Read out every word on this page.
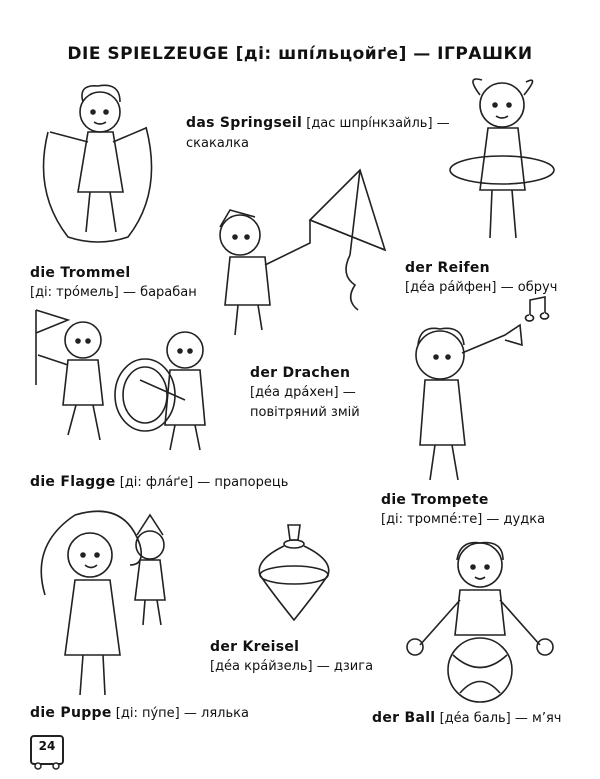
DIE SPIELZEUGE [ді: шпíльцойґе] — ІГРАШКИ
das Springseil [дас шпрíнкзайль] —
скакалка
die Trommel
[ді: трóмель] — барабан
der Reifen
[дéа рáйфен] — обруч
der Drachen
[дéа дрáхен] —
повітряний змій
die Flagge [ді: флáґе] — прапорець
die Trompete
[ді: тромпé:те] — дудка
der Kreisel
[дéа крáйзель] — дзига
die Puppe [ді: пýпе] — лялька	der Ball [дéа баль] — м’яч
24
